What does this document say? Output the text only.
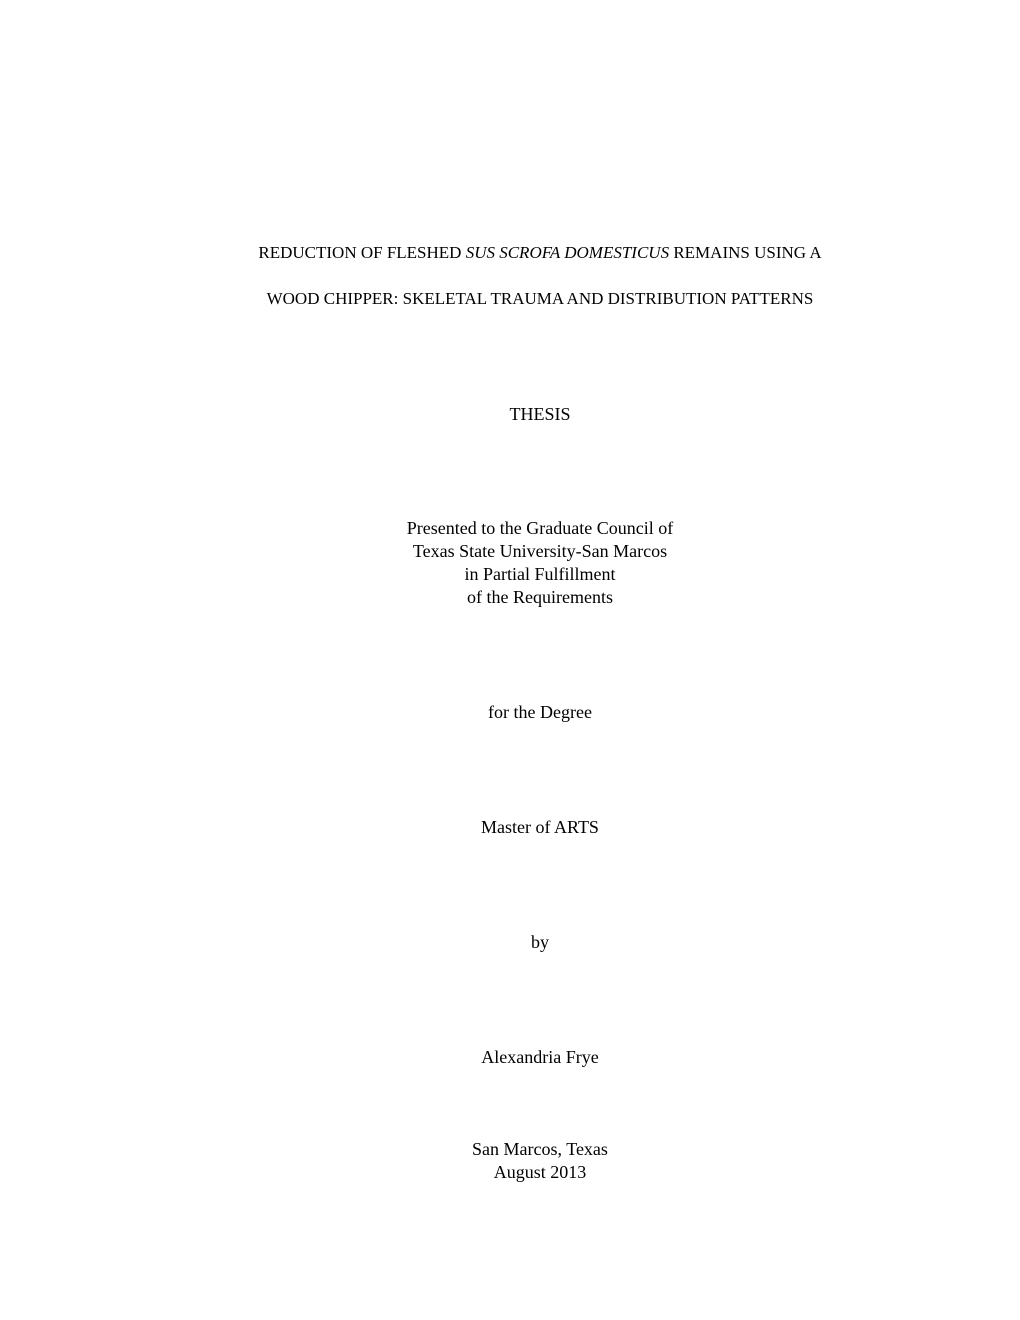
REDUCTION OF FLESHED SUS SCROFA DOMESTICUS REMAINS USING A
WOOD CHIPPER: SKELETAL TRAUMA AND DISTRIBUTION PATTERNS
THESIS
Presented to the Graduate Council of
Texas State University-San Marcos
in Partial Fulfillment
of the Requirements
for the Degree
Master of ARTS
by
Alexandria Frye
San Marcos, Texas
August 2013
